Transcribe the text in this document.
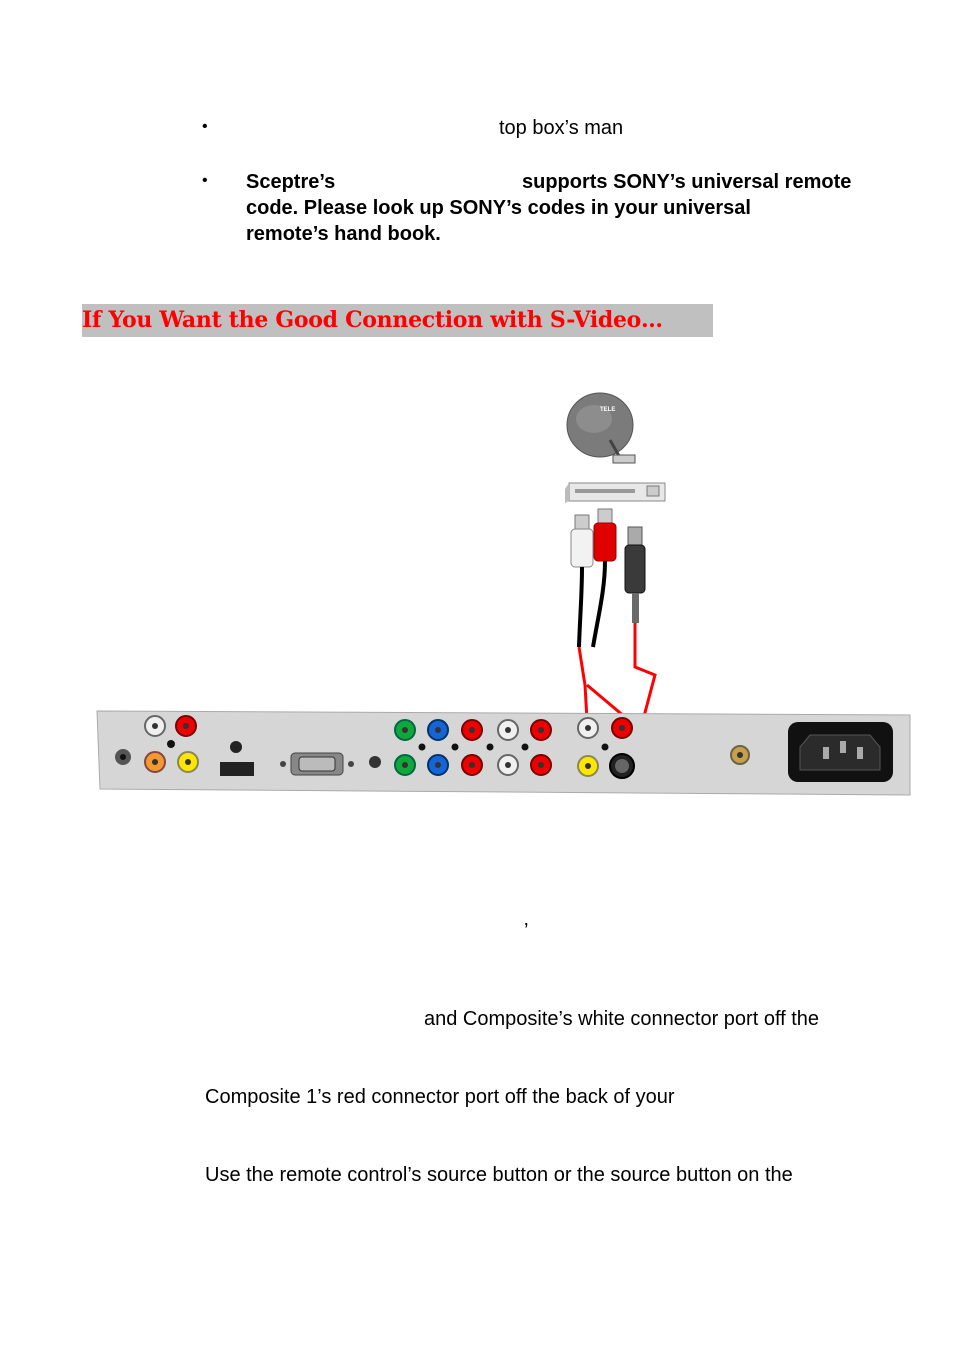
•	top box’s man
• Sceptre’s	supports SONY’s universal remote
code. Please look up SONY’s codes in your universal
remote’s hand book.
If You Want the Good Connection with S-Video…
TELE
’
and Composite’s white connector port off the
Composite 1’s red connector port off the back of your
Use the remote control’s source button or the source button on the
